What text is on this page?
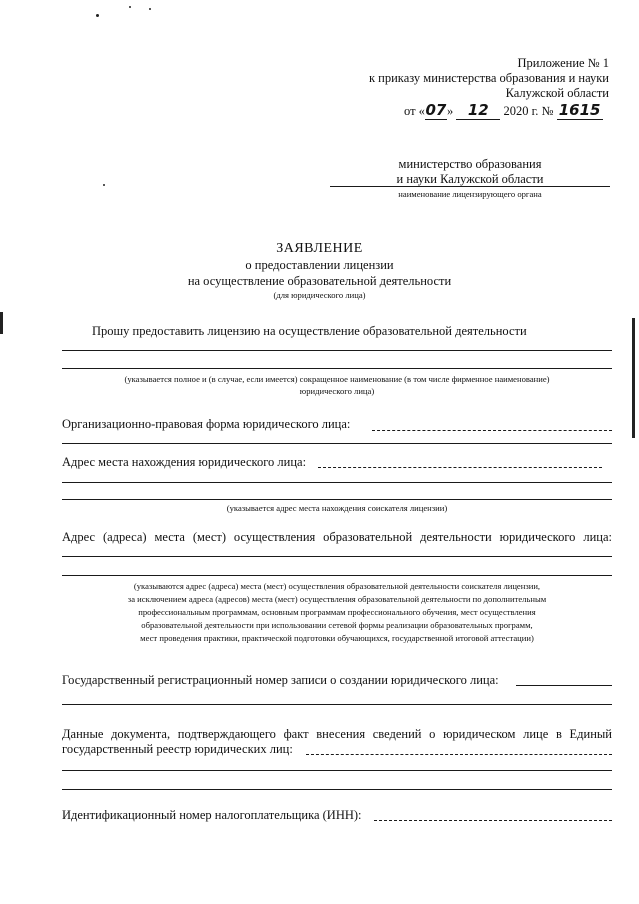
Приложение № 1
к приказу министерства образования и науки
Калужской области
от «07» 12 2020 г. № 1615
министерство образования
и науки Калужской области
наименование лицензирующего органа
ЗАЯВЛЕНИЕ
о предоставлении лицензии
на осуществление образовательной деятельности
(для юридического лица)
Прошу предоставить лицензию на осуществление образовательной деятельности
(указывается полное и (в случае, если имеется) сокращенное наименование (в том числе фирменное наименование)
юридического лица)
Организационно-правовая форма юридического лица:
Адрес места нахождения юридического лица:
(указывается адрес места нахождения соискателя лицензии)
Адрес (адреса) места (мест) осуществления образовательной деятельности юридического лица:
(указываются адрес (адреса) места (мест) осуществления образовательной деятельности соискателя лицензии,
за исключением адреса (адресов) места (мест) осуществления образовательной деятельности по дополнительным
профессиональным программам, основным программам профессионального обучения, мест осуществления
образовательной деятельности при использовании сетевой формы реализации образовательных программ,
мест проведения практики, практической подготовки обучающихся, государственной итоговой аттестации)
Государственный регистрационный номер записи о создании юридического лица:
Данные документа, подтверждающего факт внесения сведений о юридическом лице в Единый
государственный реестр юридических лиц:
Идентификационный номер налогоплательщика (ИНН):
